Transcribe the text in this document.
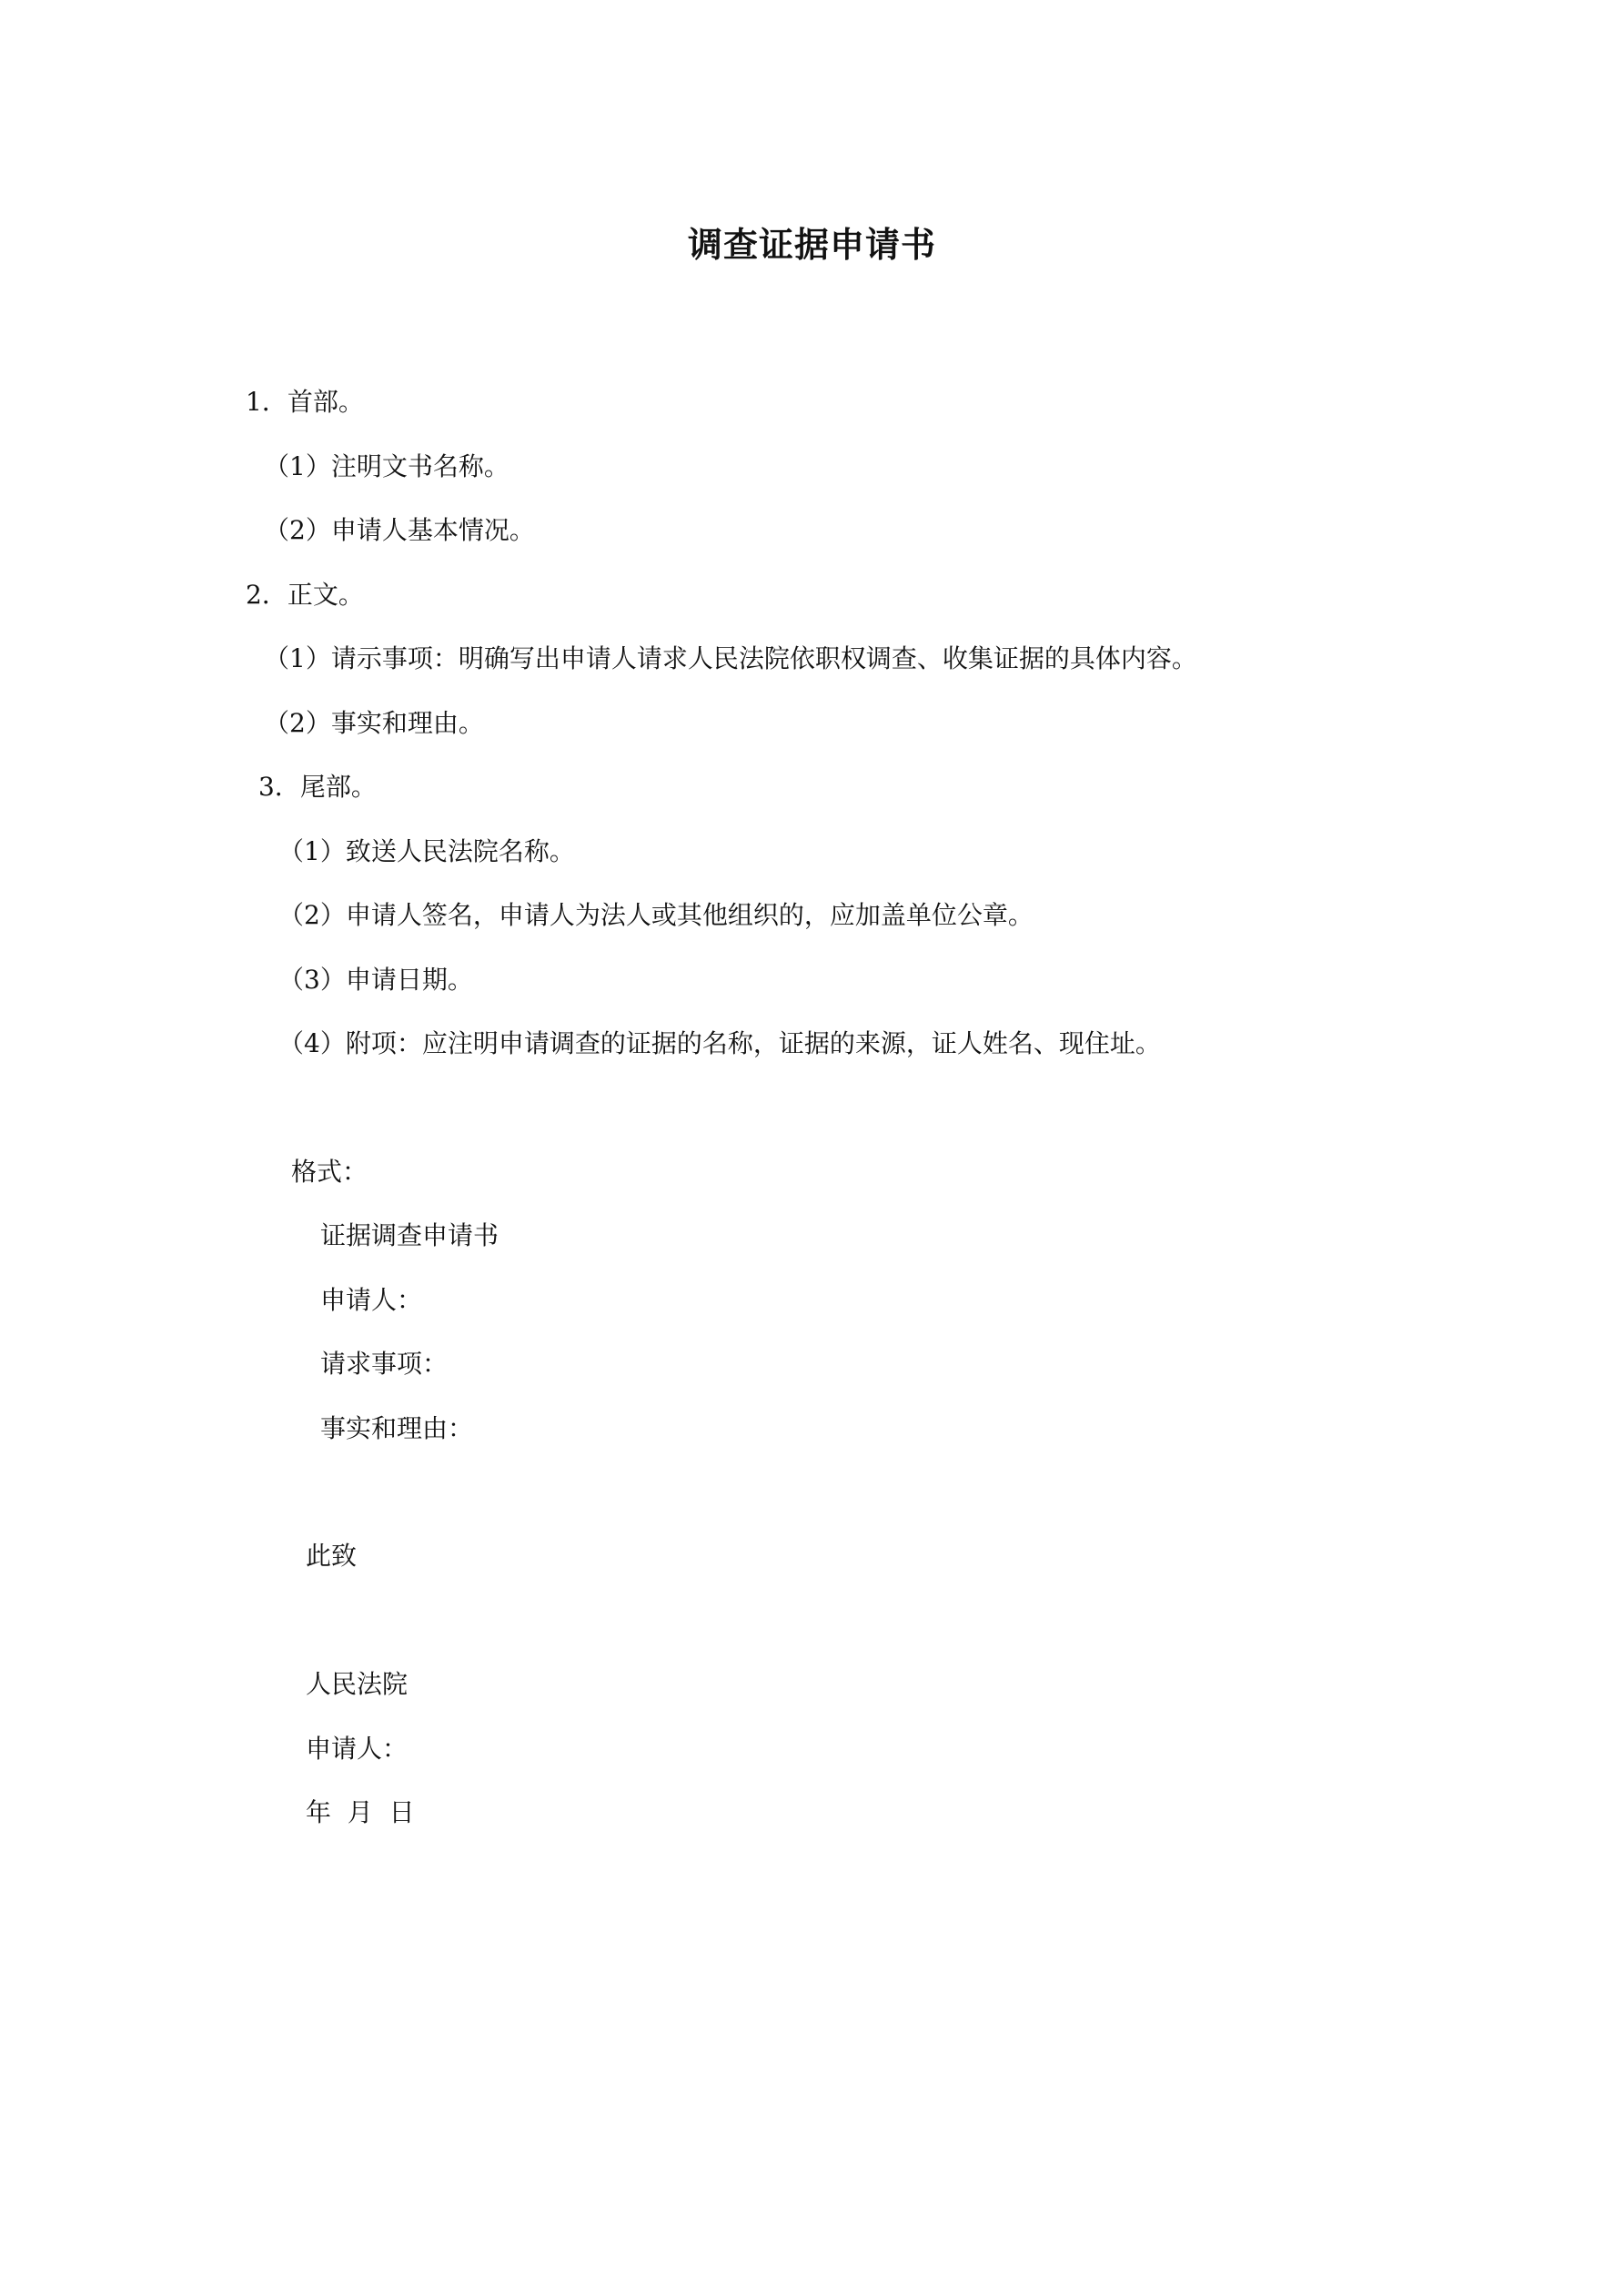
调查证据申请书
1．首部。
（1）注明文书名称。
（2）申请人基本情况。
2．正文。
（1）请示事项：明确写出申请人请求人民法院依职权调查、收集证据的具体内容。
（2）事实和理由。
3．尾部。
（1）致送人民法院名称。
（2）申请人签名，申请人为法人或其他组织的，应加盖单位公章。
（3）申请日期。
（4）附项：应注明申请调查的证据的名称，证据的来源，证人姓名、现住址。
格式：
证据调查申请书
申请人：
请求事项：
事实和理由：
此致
人民法院
申请人：
年  月  日
